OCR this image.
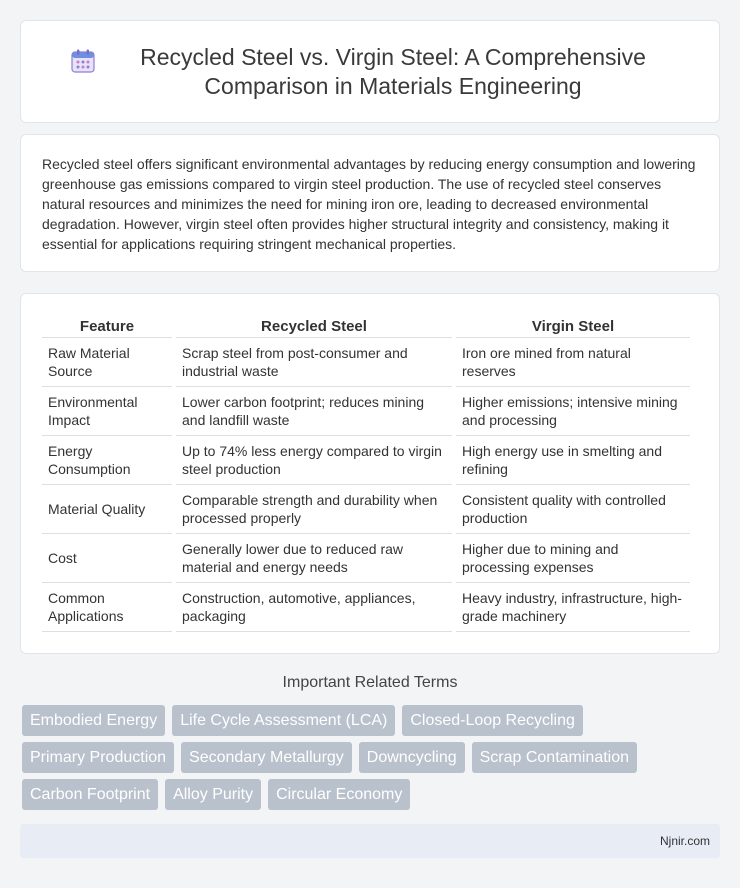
Recycled Steel vs. Virgin Steel: A Comprehensive Comparison in Materials Engineering

Recycled steel offers significant environmental advantages by reducing energy consumption and lowering greenhouse gas emissions compared to virgin steel production. The use of recycled steel conserves natural resources and minimizes the need for mining iron ore, leading to decreased environmental degradation. However, virgin steel often provides higher structural integrity and consistency, making it essential for applications requiring stringent mechanical properties.

Feature	Recycled Steel	Virgin Steel
Raw Material Source	Scrap steel from post-consumer and industrial waste	Iron ore mined from natural reserves
Environmental Impact	Lower carbon footprint; reduces mining and landfill waste	Higher emissions; intensive mining and processing
Energy Consumption	Up to 74% less energy compared to virgin steel production	High energy use in smelting and refining
Material Quality	Comparable strength and durability when processed properly	Consistent quality with controlled production
Cost	Generally lower due to reduced raw material and energy needs	Higher due to mining and processing expenses
Common Applications	Construction, automotive, appliances, packaging	Heavy industry, infrastructure, high-grade machinery
Important Related Terms
Embodied Energy	Life Cycle Assessment (LCA)	Closed-Loop Recycling
Primary Production	Secondary Metallurgy	Downcycling	Scrap Contamination
Carbon Footprint	Alloy Purity	Circular Economy
Njnir.com
